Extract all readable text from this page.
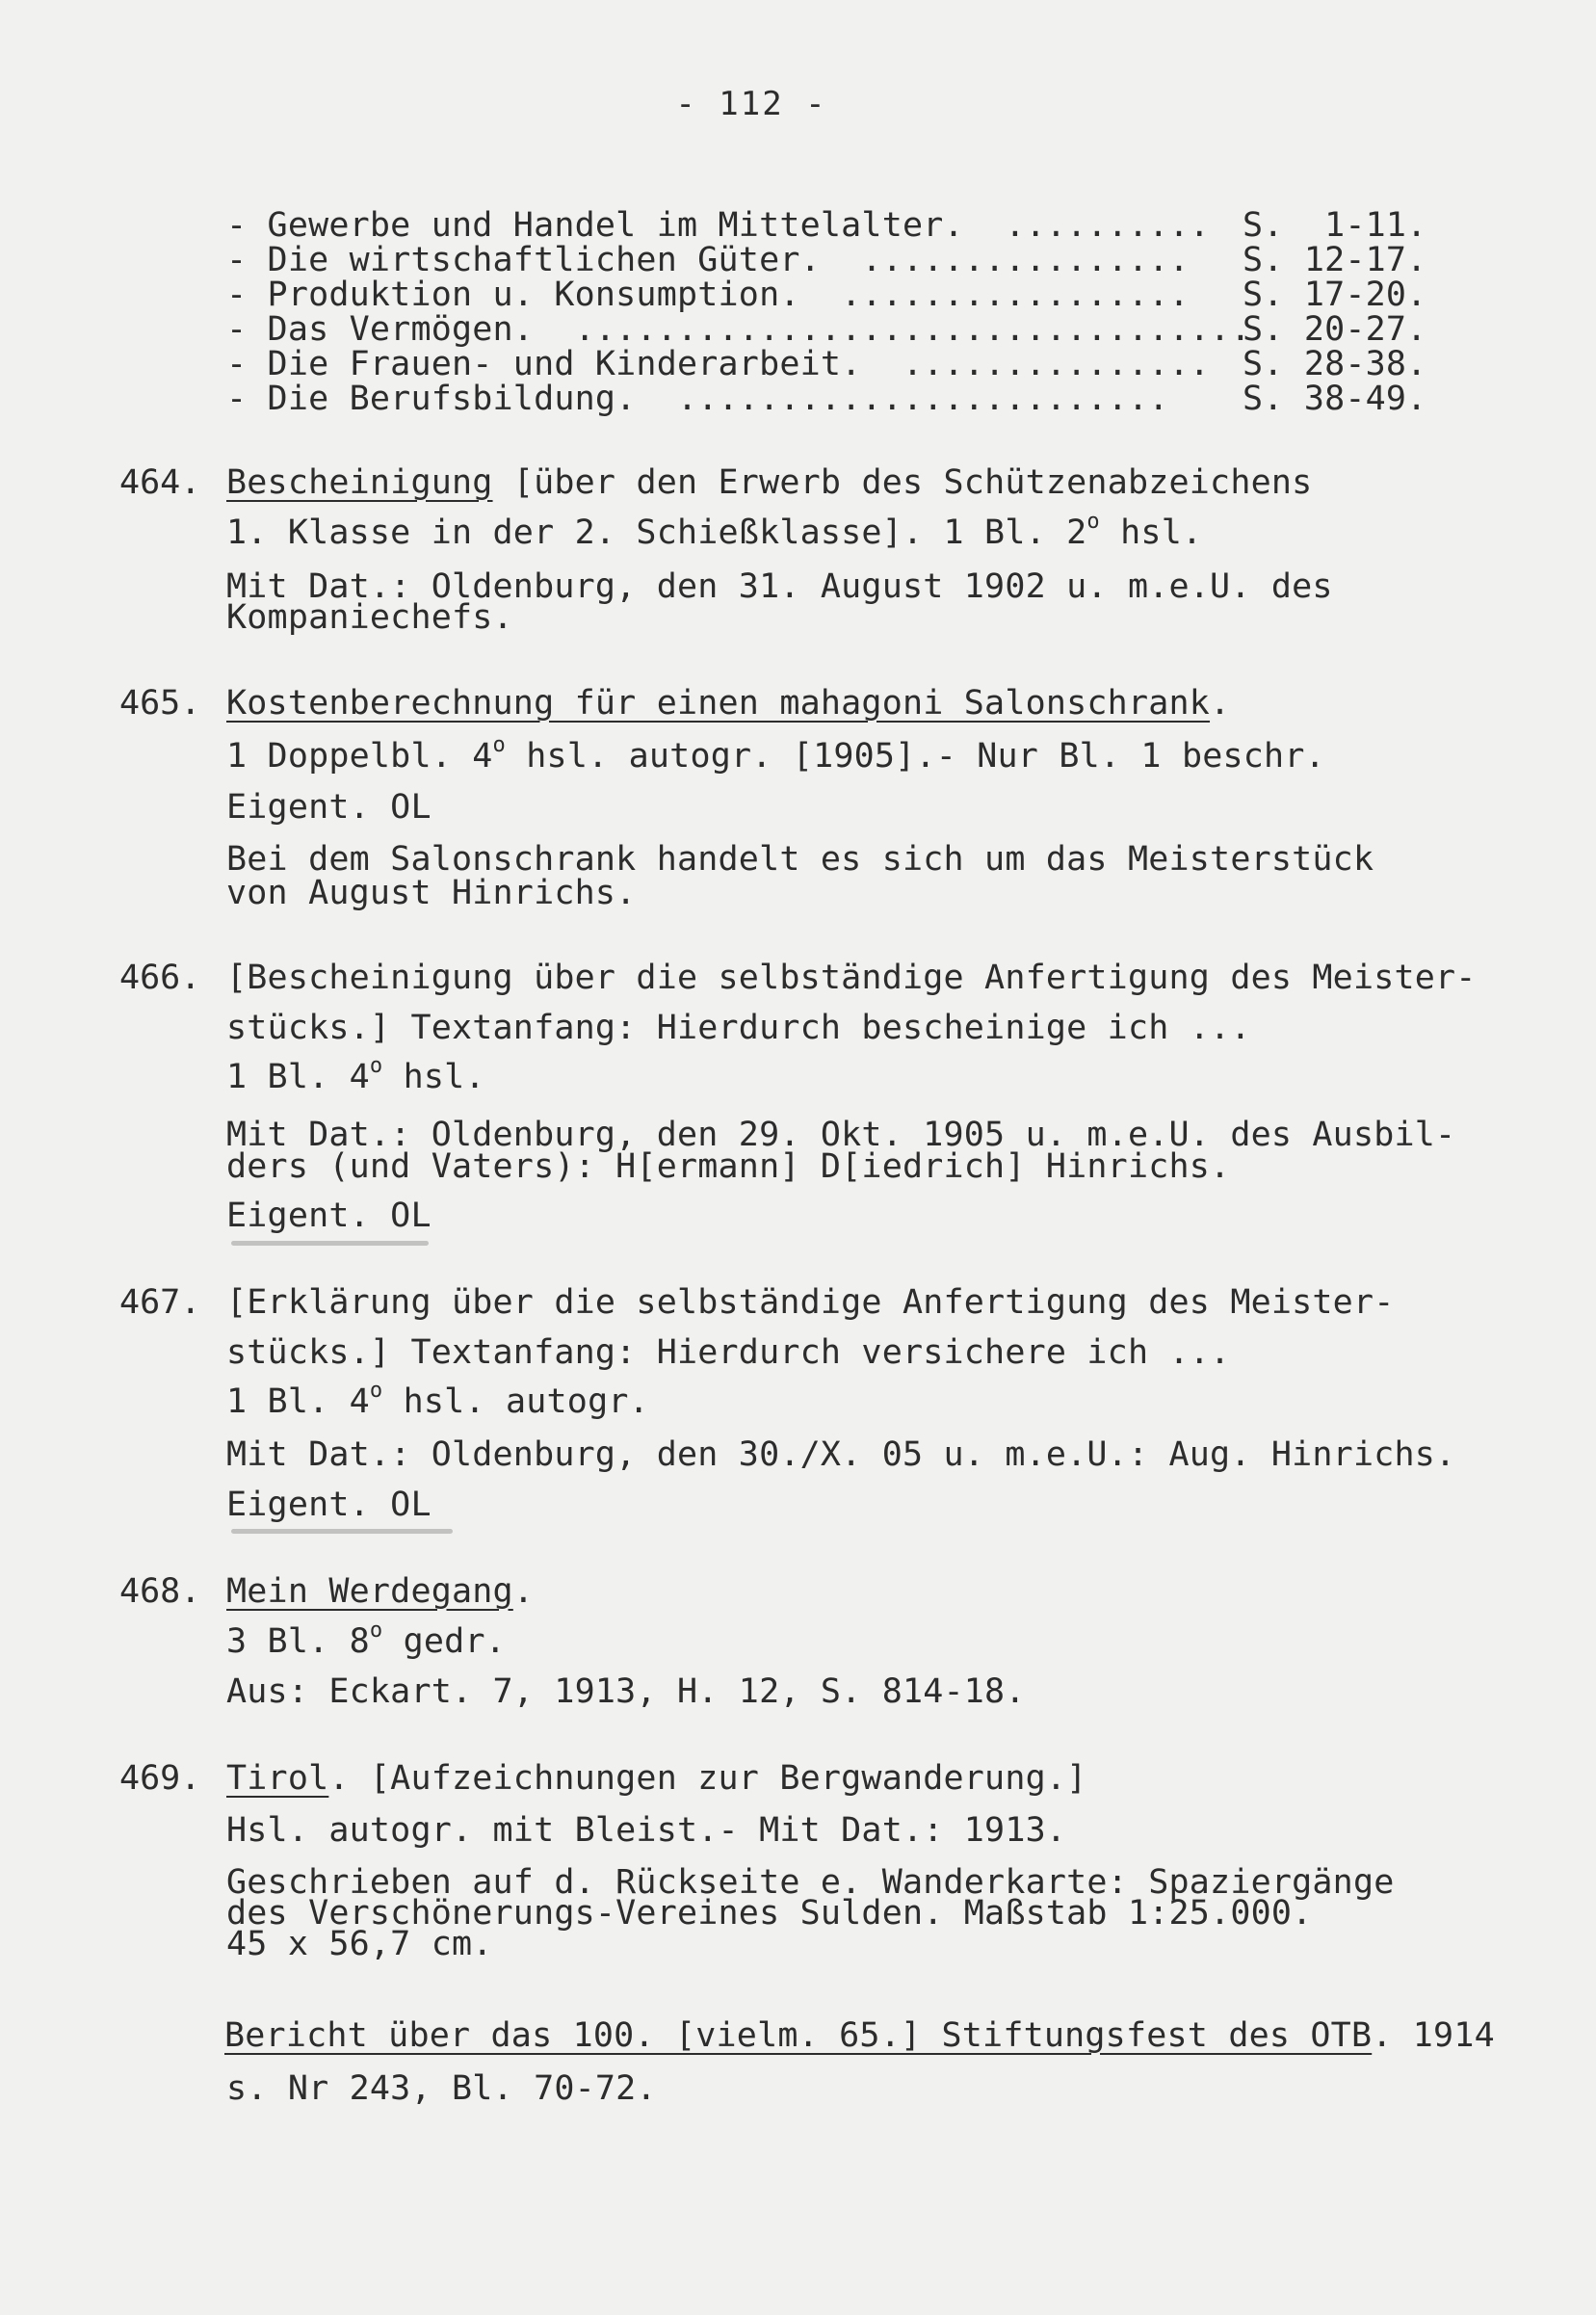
- 112 -
- Gewerbe und Handel im Mittelalter. .......... S.  1-11.
- Die wirtschaftlichen Güter. ................ S. 12-17.
- Produktion u. Konsumption. ................. S. 17-20.
- Das Vermögen. .................................
S. 20-27.
- Die Frauen- und Kinderarbeit. ............... S. 28-38.
- Die Berufsbildung. ........................ S. 38-49.
464. Bescheinigung [über den Erwerb des Schützenabzeichens
1. Klasse in der 2. Schießklasse]. 1 Bl. 2$^o$ hsl.
Mit Dat.: Oldenburg, den 31. August 1902 u. m.e.U. des
Kompaniechefs.
465. Kostenberechnung für einen mahagoni Salonschrank.
1 Doppelbl. 4$^o$ hsl. autogr. [1905].- Nur Bl. 1 beschr.
Eigent. OL
Bei dem Salonschrank handelt es sich um das Meisterstück
von August Hinrichs.
466. [Bescheinigung über die selbständige Anfertigung des Meister-
stücks.] Textanfang: Hierdurch bescheinige ich ...
1 Bl. 4$^o$ hsl.
Mit Dat.: Oldenburg, den 29. Okt. 1905 u. m.e.U. des Ausbil-
ders (und Vaters): H[ermann] D[iedrich] Hinrichs.
Eigent. OL
467. [Erklärung über die selbständige Anfertigung des Meister-
stücks.] Textanfang: Hierdurch versichere ich ...
1 Bl. 4$^o$ hsl. autogr.
Mit Dat.: Oldenburg, den 30./X. 05 u. m.e.U.: Aug. Hinrichs.
Eigent. OL
468. Mein Werdegang.
3 Bl. 8$^o$ gedr.
Aus: Eckart. 7, 1913, H. 12, S. 814-18.
469. Tirol. [Aufzeichnungen zur Bergwanderung.]
Hsl. autogr. mit Bleist.- Mit Dat.: 1913.
Geschrieben auf d. Rückseite e. Wanderkarte: Spaziergänge
des Verschönerungs-Vereines Sulden. Maßstab 1:25.000.
45 x 56,7 cm.
Bericht über das 100. [vielm. 65.] Stiftungsfest des OTB. 1914
s. Nr 243, Bl. 70-72.
